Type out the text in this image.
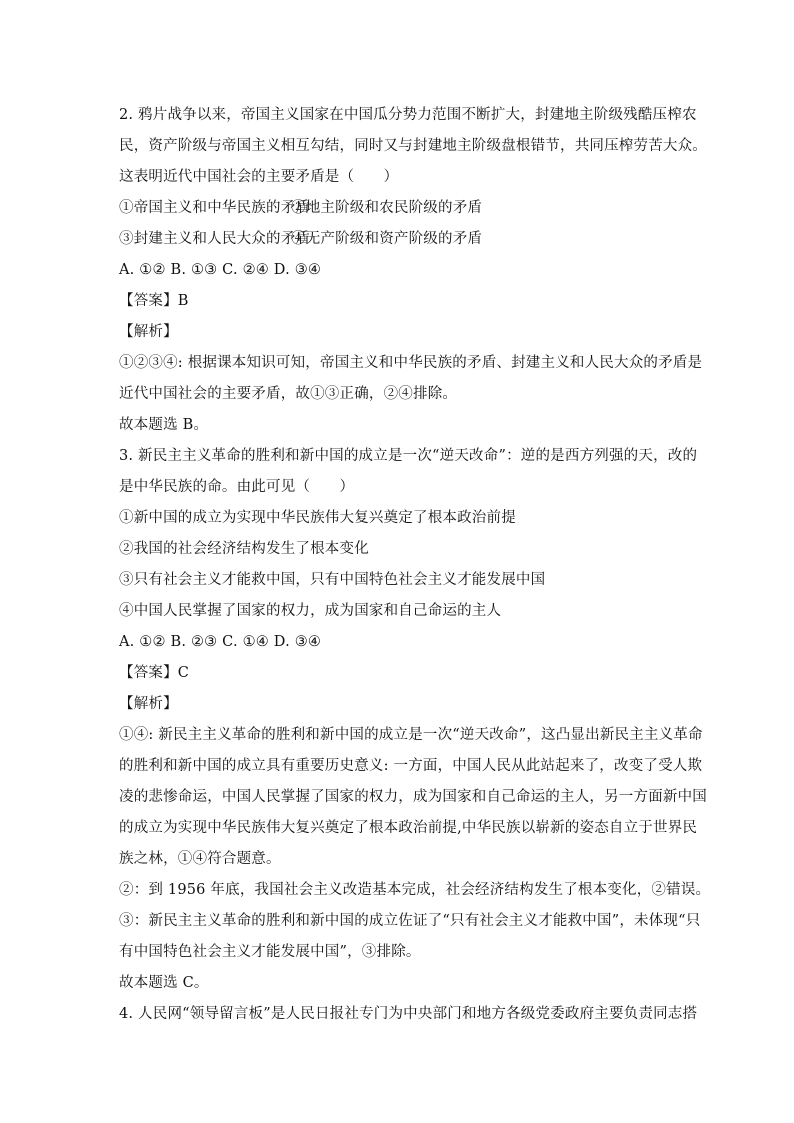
2. 鸦片战争以来，帝国主义国家在中国瓜分势力范围不断扩大，封建地主阶级残酷压榨农
民，资产阶级与帝国主义相互勾结，同时又与封建地主阶级盘根错节，共同压榨劳苦大众。
这表明近代中国社会的主要矛盾是（　　）
①帝国主义和中华民族的矛盾②地主阶级和农民阶级的矛盾
③封建主义和人民大众的矛盾④无产阶级和资产阶级的矛盾
A. ①② B. ①③ C. ②④ D. ③④
【答案】B
【解析】
①②③④: 根据课本知识可知，帝国主义和中华民族的矛盾、封建主义和人民大众的矛盾是
近代中国社会的主要矛盾，故①③正确，②④排除。
故本题选 B。
3. 新民主主义革命的胜利和新中国的成立是一次“逆天改命”：逆的是西方列强的天，改的
是中华民族的命。由此可见（　　）
①新中国的成立为实现中华民族伟大复兴奠定了根本政治前提
②我国的社会经济结构发生了根本变化
③只有社会主义才能救中国，只有中国特色社会主义才能发展中国
④中国人民掌握了国家的权力，成为国家和自己命运的主人
A. ①② B. ②③ C. ①④ D. ③④
【答案】C
【解析】
①④: 新民主主义革命的胜利和新中国的成立是一次“逆天改命”，这凸显出新民主主义革命
的胜利和新中国的成立具有重要历史意义: 一方面，中国人民从此站起来了，改变了受人欺
凌的悲惨命运，中国人民掌握了国家的权力，成为国家和自己命运的主人，另一方面新中国
的成立为实现中华民族伟大复兴奠定了根本政治前提,中华民族以崭新的姿态自立于世界民
族之林，①④符合题意。
②：到 1956 年底，我国社会主义改造基本完成，社会经济结构发生了根本变化，②错误。
③：新民主主义革命的胜利和新中国的成立佐证了“只有社会主义才能救中国”，未体现“只
有中国特色社会主义才能发展中国”，③排除。
故本题选 C。
4. 人民网“领导留言板”是人民日报社专门为中央部门和地方各级党委政府主要负责同志搭
